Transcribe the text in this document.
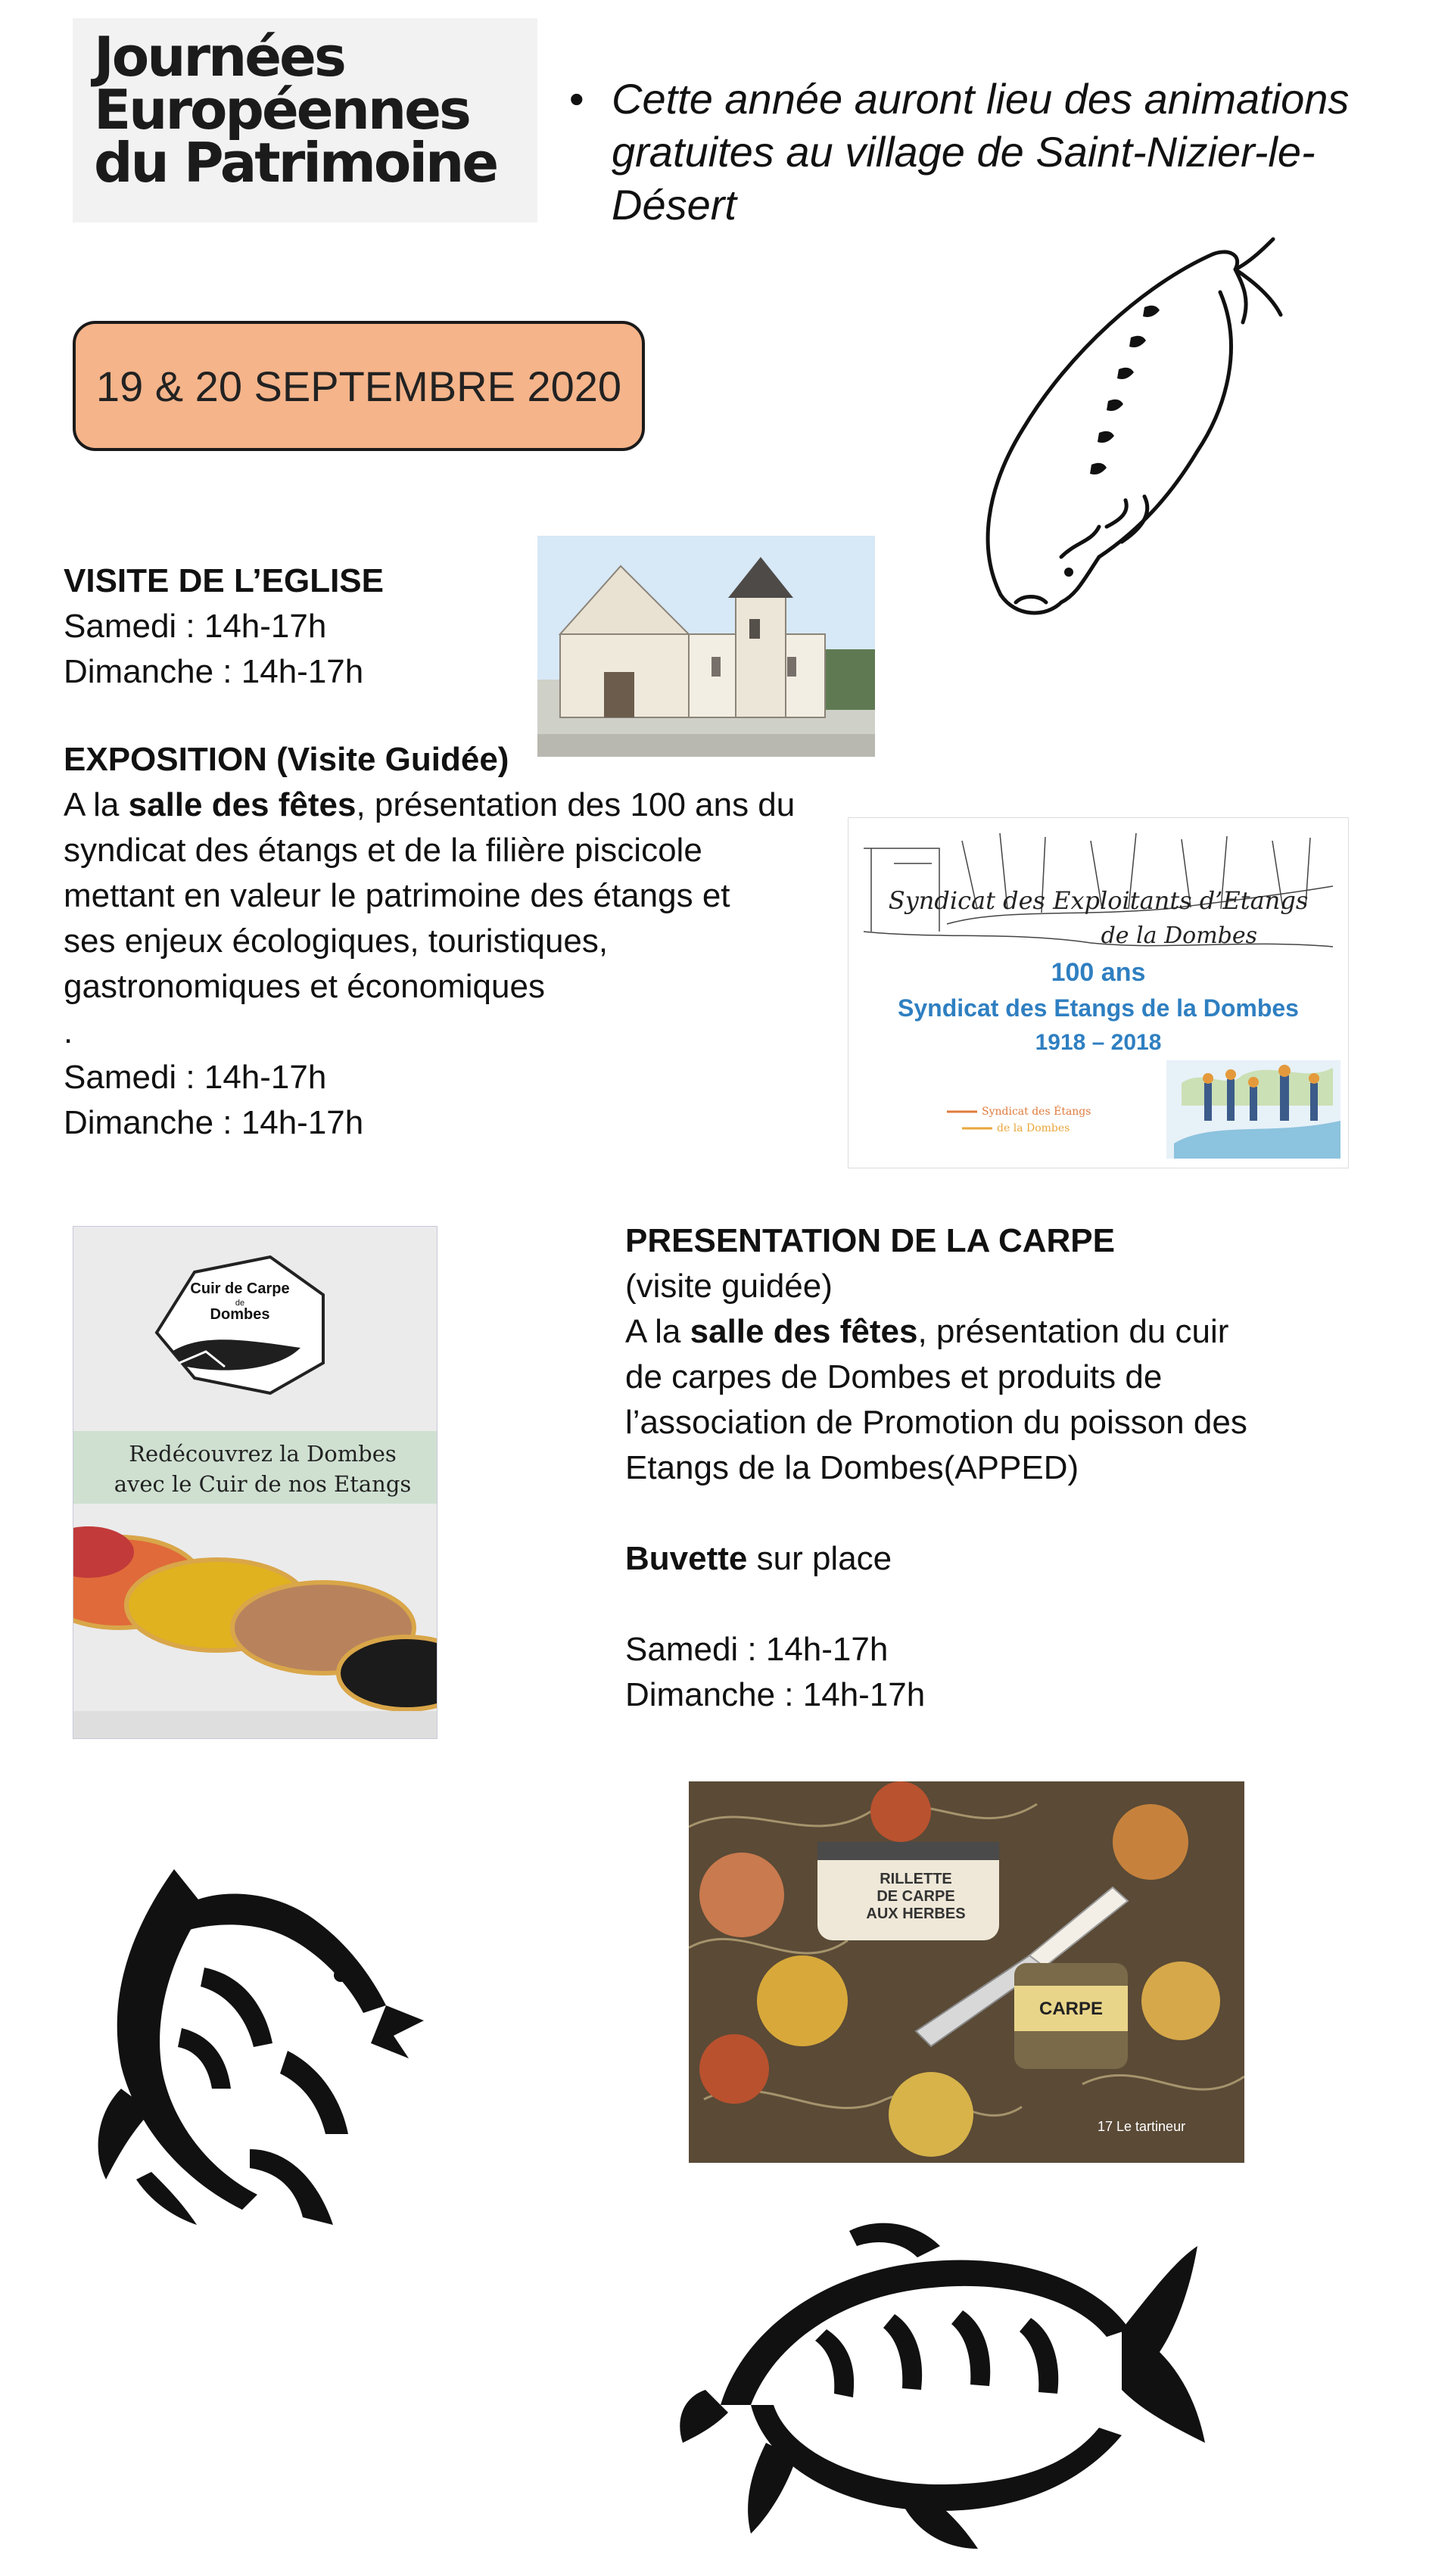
Journées
Européennes
du Patrimoine
• Cette année auront lieu des animations gratuites au village de Saint-Nizier-le-Désert
19 & 20 SEPTEMBRE 2020
VISITE DE L’EGLISE
Samedi : 14h-17h
Dimanche : 14h-17h
EXPOSITION (Visite Guidée)
A la salle des fêtes, présentation des 100 ans du
syndicat des étangs et de la filière piscicole
mettant en valeur le patrimoine des étangs et
ses enjeux écologiques, touristiques,
gastronomiques et économiques
.
Samedi : 14h-17h
Dimanche : 14h-17h
Syndicat des Exploitants d’Etangs
de la Dombes
100 ans
Syndicat des Etangs de la Dombes
1918 – 2018
Syndicat des Étangs
de la Dombes
Cuir de Carpe
de
Dombes
Redécouvrez la Dombes
avec le Cuir de nos Etangs
PRESENTATION DE LA CARPE
(visite guidée)
A la salle des fêtes, présentation du cuir
de carpes de Dombes et produits de
l’association de Promotion du poisson des
Etangs de la Dombes(APPED)

Buvette sur place

Samedi : 14h-17h
Dimanche : 14h-17h
RILLETTE
DE CARPE
AUX HERBES
CARPE
17 Le tartineur
